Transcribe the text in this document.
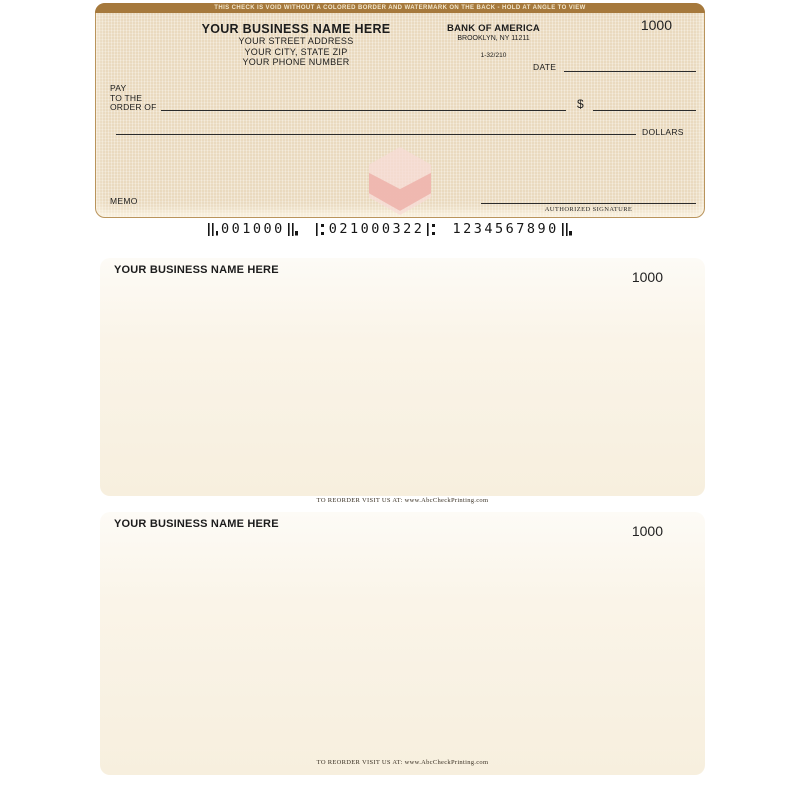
THIS CHECK IS VOID WITHOUT A COLORED BORDER AND WATERMARK ON THE BACK - HOLD AT ANGLE TO VIEW
YOUR BUSINESS NAME HERE
YOUR STREET ADDRESS
YOUR CITY, STATE ZIP
YOUR PHONE NUMBER
BANK OF AMERICA
BROOKLYN, NY 11211
1-32/210
1000
DATE
PAY
TO THE
ORDER OF	$
DOLLARS
MEMO
AUTHORIZED SIGNATURE
001000	021000322 1234567890
YOUR BUSINESS NAME HERE	1000
TO REORDER VISIT US AT: www.AbcCheckPrinting.com
YOUR BUSINESS NAME HERE	1000
TO REORDER VISIT US AT: www.AbcCheckPrinting.com
